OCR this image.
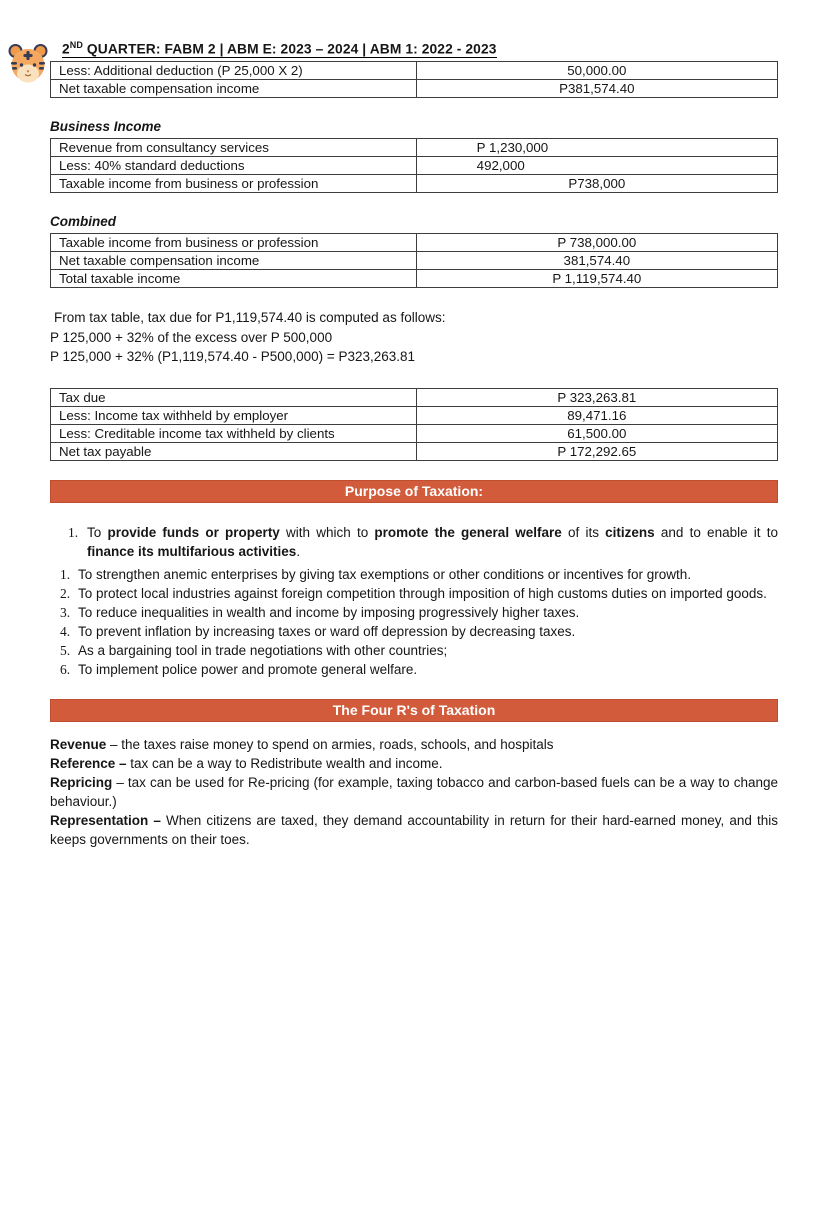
2ND QUARTER: FABM 2 | ABM E: 2023 – 2024 | ABM 1: 2022 - 2023
Less: Additional deduction (P 25,000 X 2)	50,000.00
Net taxable compensation income	P381,574.40
Business Income
Revenue from consultancy services	P 1,230,000
Less: 40% standard deductions	492,000
Taxable income from business or profession	P738,000
Combined
Taxable income from business or profession	P 738,000.00
Net taxable compensation income	381,574.40
Total taxable income	P 1,119,574.40
From tax table, tax due for P1,119,574.40 is computed as follows:
P 125,000 + 32% of the excess over P 500,000
P 125,000 + 32% (P1,119,574.40 - P500,000) = P323,263.81
Tax due	P 323,263.81
Less: Income tax withheld by employer	89,471.16
Less: Creditable income tax withheld by clients	61,500.00
Net tax payable	P 172,292.65
Purpose of Taxation:
1. To provide funds or property with which to promote the general welfare of its citizens and to enable it to finance its multifarious activities.
1. To strengthen anemic enterprises by giving tax exemptions or other conditions or incentives for growth.
2. To protect local industries against foreign competition through imposition of high customs duties on imported goods.
3. To reduce inequalities in wealth and income by imposing progressively higher taxes.
4. To prevent inflation by increasing taxes or ward off depression by decreasing taxes.
5. As a bargaining tool in trade negotiations with other countries;
6. To implement police power and promote general welfare.
The Four R's of Taxation

Revenue – the taxes raise money to spend on armies, roads, schools, and hospitals

Reference – tax can be a way to Redistribute wealth and income.

Repricing – tax can be used for Re-pricing (for example, taxing tobacco and carbon-based fuels can be a way to change behaviour.)

Representation – When citizens are taxed, they demand accountability in return for their hard-earned money, and this keeps governments on their toes.
